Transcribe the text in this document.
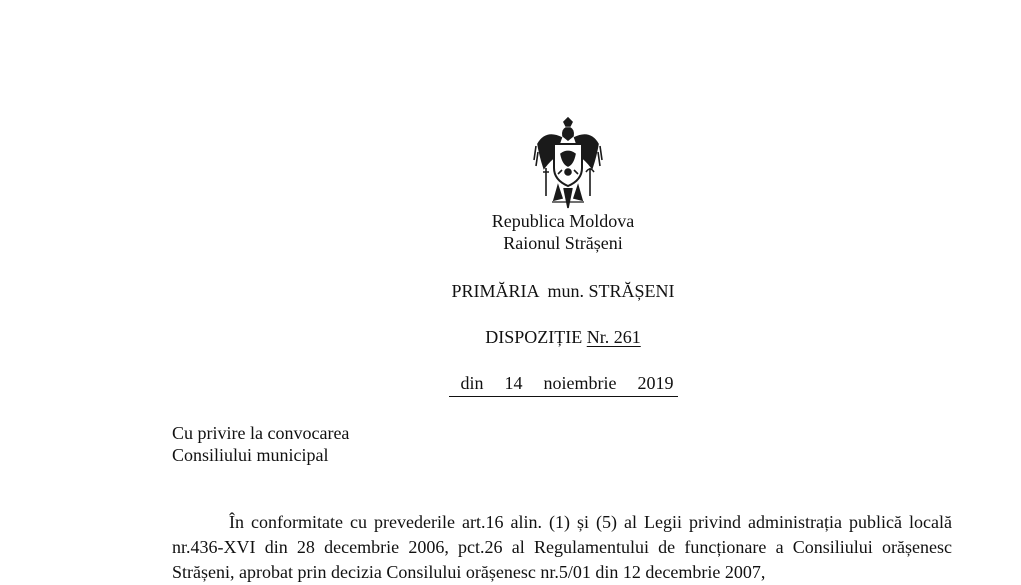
Republica Moldova
Raionul Strășeni
PRIMĂRIA  mun. STRĂȘENI
DISPOZIȚIE Nr. 261
din 14  noiembrie  2019
Cu privire la convocarea
Consiliului municipal

În conformitate cu prevederile art.16 alin. (1) și (5) al Legii privind administrația publică locală nr.436-XVI din 28 decembrie 2006, pct.26 al Regulamentului de funcționare a Consiliului orășenesc Strășeni, aprobat prin decizia Consilului orășenesc nr.5/01 din 12 decembrie 2007,
